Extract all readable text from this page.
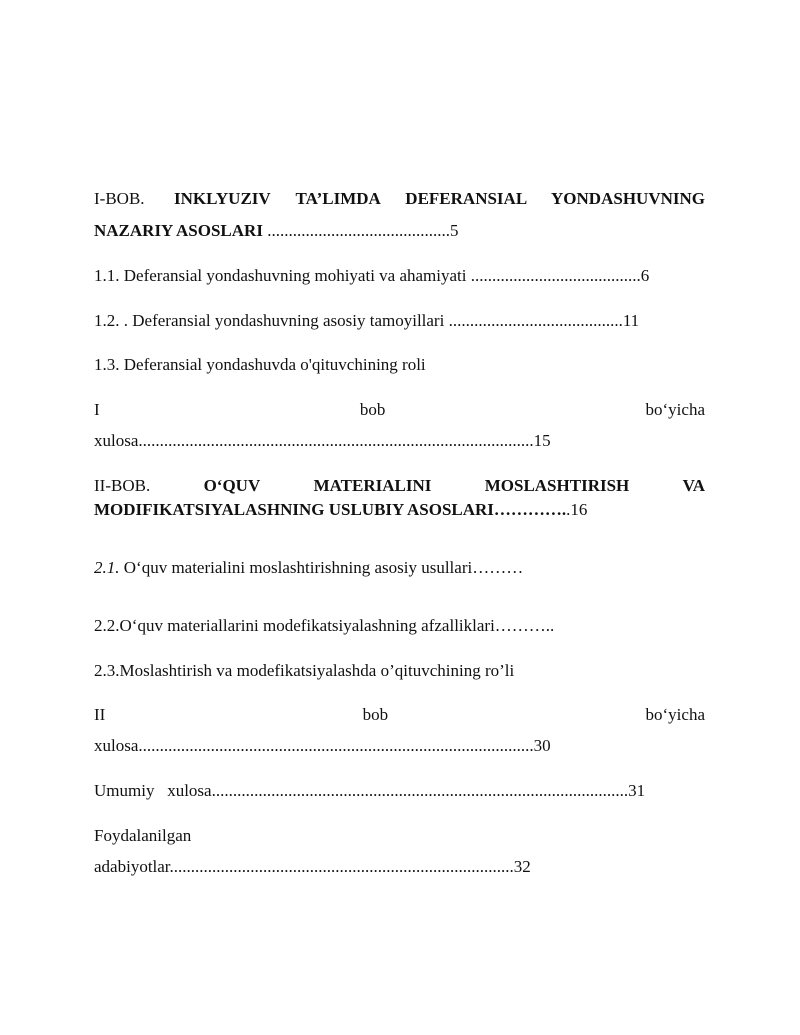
I-BOB. INKLYUZIV TA’LIMDA DEFERANSIAL YONDASHUVNING
NAZARIY ASOSLARI ...........................................5
1.1. Deferansial yondashuvning mohiyati va ahamiyati ........................................6
1.2. . Deferansial yondashuvning asosiy tamoyillari .........................................11
1.3. Deferansial yondashuvda o'qituvchining roli
I	bob	bo‘yicha
xulosa.............................................................................................15
II-BOB.	O‘QUV	MATERIALINI	MOSLASHTIRISH	VA
MODIFIKATSIYALASHNING USLUBIY ASOSLARI…………..16
2.1. O‘quv materialini moslashtirishning asosiy usullari………
2.2.O‘quv materiallarini modefikatsiyalashning afzalliklari………..
2.3.Moslashtirish va modefikatsiyalashda o’qituvchining ro’li
II	bob	bo‘yicha
xulosa.............................................................................................30
Umumiy   xulosa..................................................................................................31
Foydalanilgan
adabiyotlar.................................................................................32
